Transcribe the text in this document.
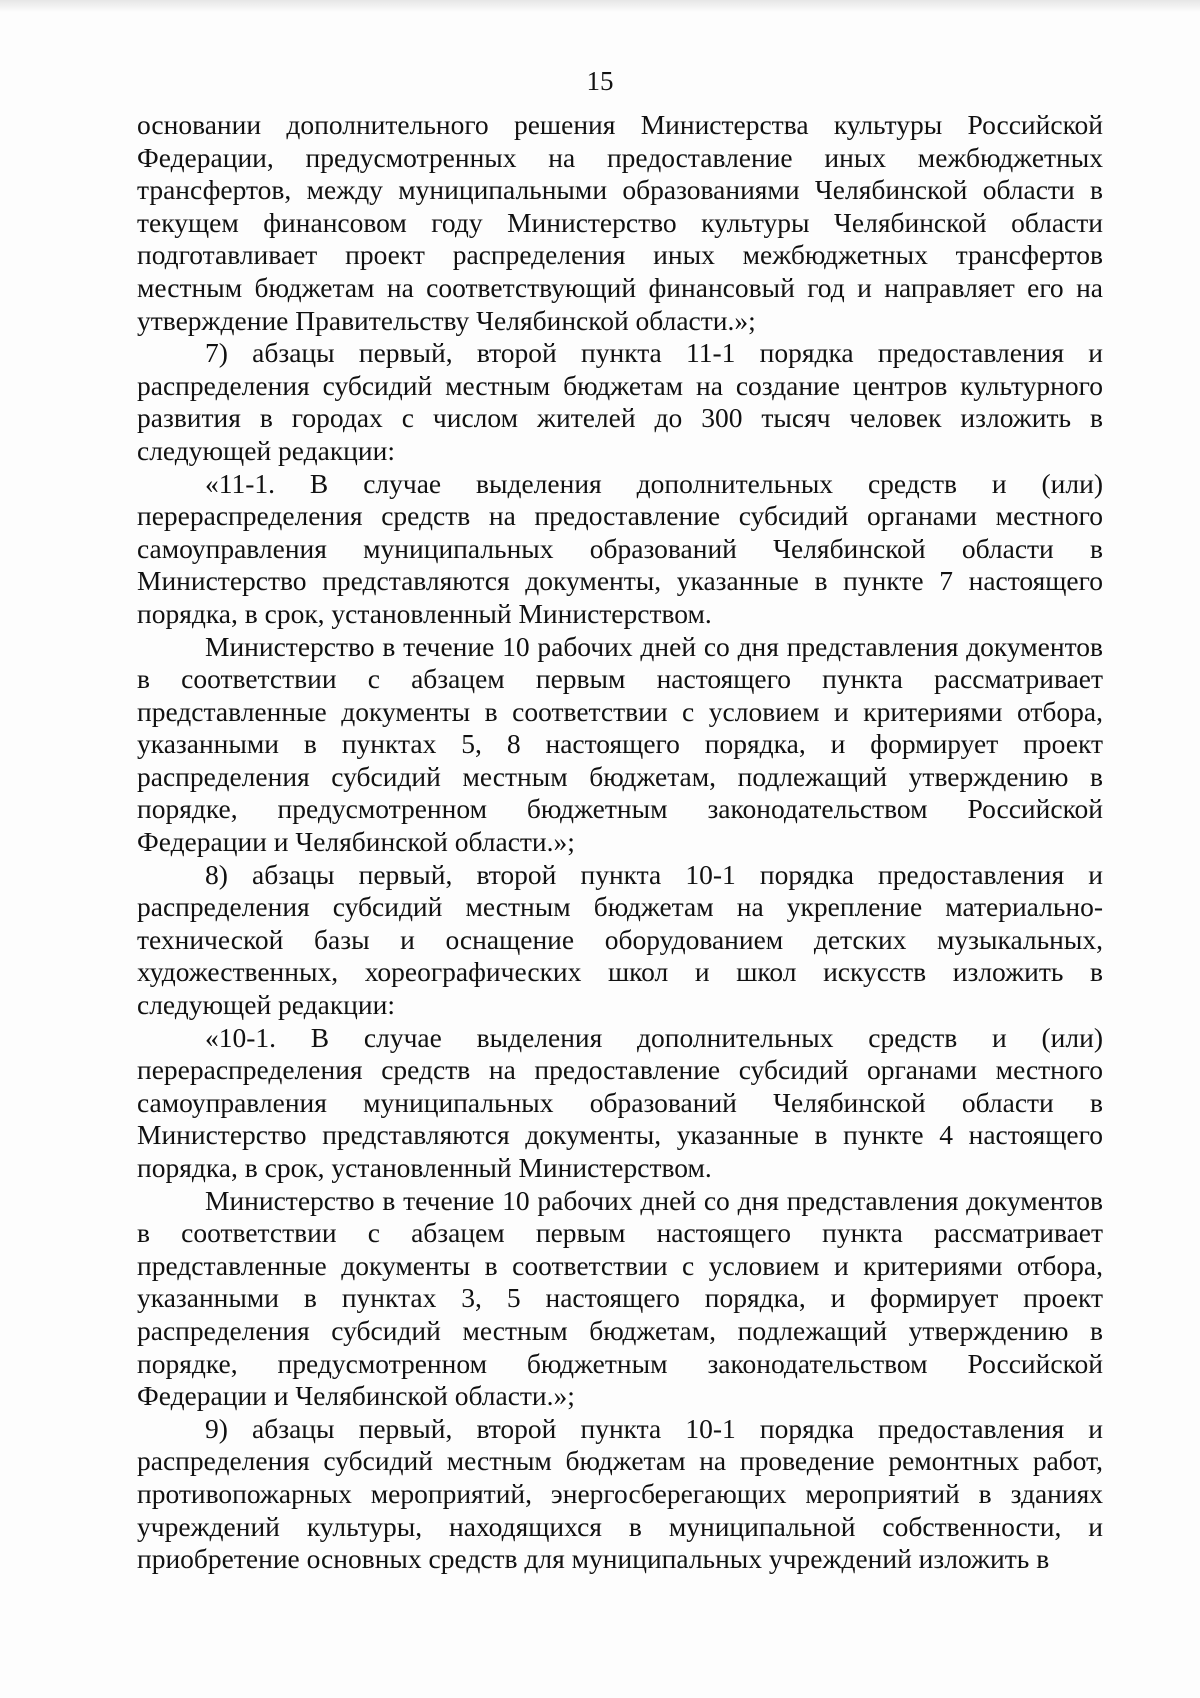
15

основании дополнительного решения Министерства культуры Российской Федерации, предусмотренных на предоставление иных межбюджетных трансфертов, между муниципальными образованиями Челябинской области в текущем финансовом году Министерство культуры Челябинской области подготавливает проект распределения иных межбюджетных трансфертов местным бюджетам на соответствующий финансовый год и направляет его на утверждение Правительству Челябинской области.»;

7) абзацы первый, второй пункта 11-1 порядка предоставления и распределения субсидий местным бюджетам на создание центров культурного развития в городах с числом жителей до 300 тысяч человек изложить в следующей редакции:

«11-1. В случае выделения дополнительных средств и (или) перераспределения средств на предоставление субсидий органами местного самоуправления муниципальных образований Челябинской области в Министерство представляются документы, указанные в пункте 7 настоящего порядка, в срок, установленный Министерством.

Министерство в течение 10 рабочих дней со дня представления документов в соответствии с абзацем первым настоящего пункта рассматривает представленные документы в соответствии с условием и критериями отбора, указанными в пунктах 5, 8 настоящего порядка, и формирует проект распределения субсидий местным бюджетам, подлежащий утверждению в порядке, предусмотренном бюджетным законодательством Российской Федерации и Челябинской области.»;

8) абзацы первый, второй пункта 10-1 порядка предоставления и распределения субсидий местным бюджетам на укрепление материально-технической базы и оснащение оборудованием детских музыкальных, художественных, хореографических школ и школ искусств изложить в следующей редакции:

«10-1. В случае выделения дополнительных средств и (или) перераспределения средств на предоставление субсидий органами местного самоуправления муниципальных образований Челябинской области в Министерство представляются документы, указанные в пункте 4 настоящего порядка, в срок, установленный Министерством.

Министерство в течение 10 рабочих дней со дня представления документов в соответствии с абзацем первым настоящего пункта рассматривает представленные документы в соответствии с условием и критериями отбора, указанными в пунктах 3, 5 настоящего порядка, и формирует проект распределения субсидий местным бюджетам, подлежащий утверждению в порядке, предусмотренном бюджетным законодательством Российской Федерации и Челябинской области.»;

9) абзацы первый, второй пункта 10-1 порядка предоставления и распределения субсидий местным бюджетам на проведение ремонтных работ, противопожарных мероприятий, энергосберегающих мероприятий в зданиях учреждений культуры, находящихся в муниципальной собственности, и приобретение основных средств для муниципальных учреждений изложить в
